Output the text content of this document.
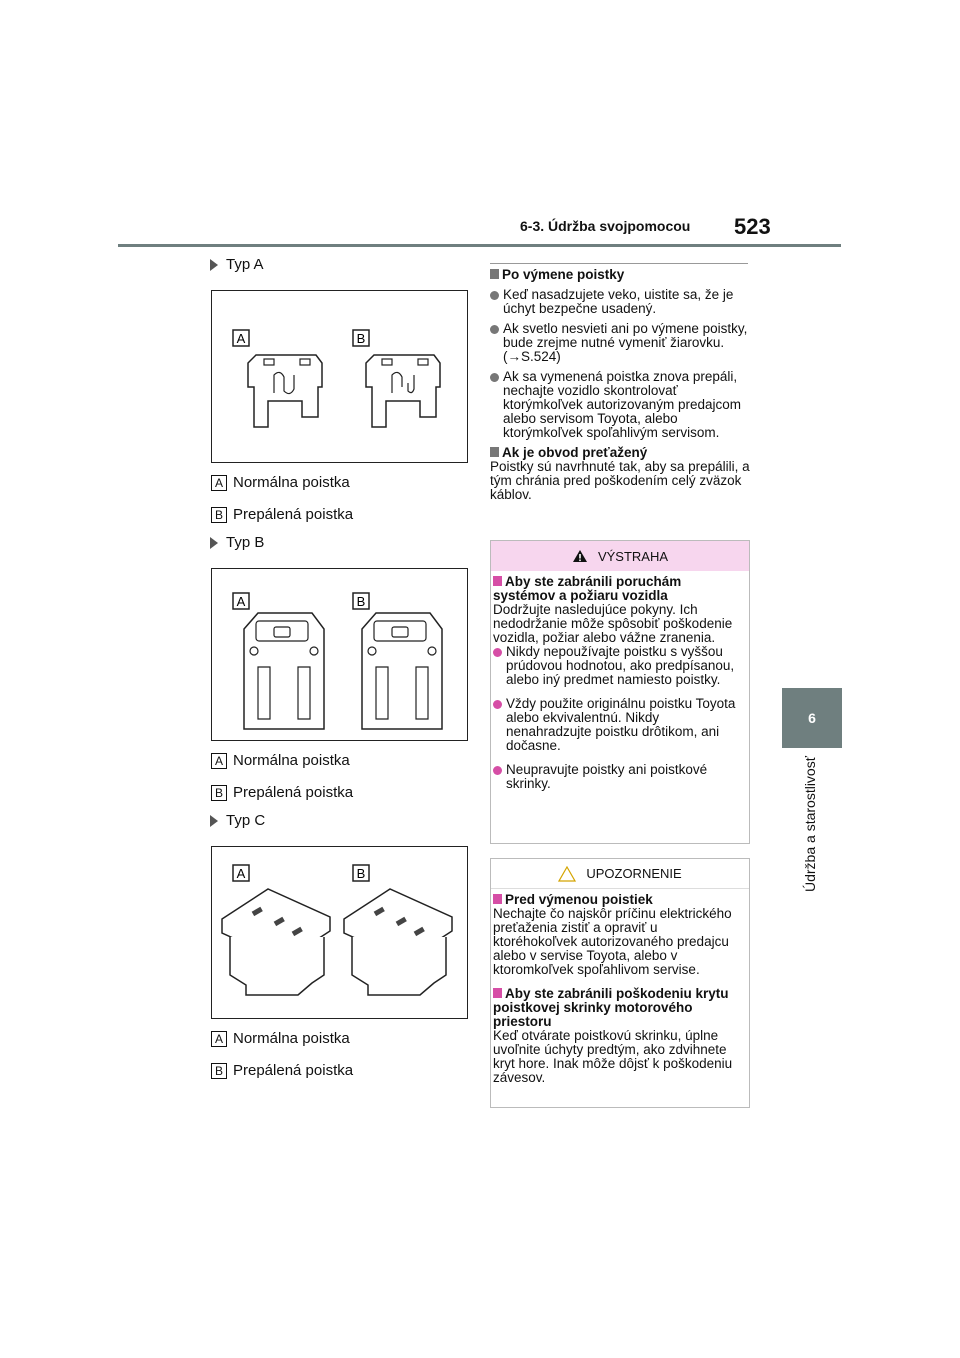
6-3. Údržba svojpomocou 523
6
Údržba a starostlivosť
Typ A
A	B
A Normálna poistka
B Prepálená poistka
Typ B
A	B
A Normálna poistka
B Prepálená poistka
Typ C
A	B
A Normálna poistka
B Prepálená poistka
Po výmene poistky
Keď nasadzujete veko, uistite sa, že je úchyt bezpečne usadený.
Ak svetlo nesvieti ani po výmene poistky, bude zrejme nutné vymeniť žiarovku. (→S.524)
Ak sa vymenená poistka znova prepáli, nechajte vozidlo skontrolovať ktorýmkoľvek autorizovaným predajcom alebo servisom Toyota, alebo ktorýmkoľvek spoľahlivým servisom.
Ak je obvod preťažený
Poistky sú navrhnuté tak, aby sa prepálili, a tým chránia pred poškodením celý zväzok káblov.
VÝSTRAHA
Aby ste zabránili poruchám systémov a požiaru vozidla
Dodržujte nasledujúce pokyny. Ich nedodržanie môže spôsobiť poškodenie vozidla, požiar alebo vážne zranenia.
Nikdy nepoužívajte poistku s vyššou prúdovou hodnotou, ako predpísanou, alebo iný predmet namiesto poistky.
Vždy použite originálnu poistku Toyota alebo ekvivalentnú. Nikdy nenahradzujte poistku drôtikom, ani dočasne.
Neupravujte poistky ani poistkové skrinky.
UPOZORNENIE
Pred výmenou poistiek
Nechajte čo najskôr príčinu elektrického preťaženia zistiť a opraviť u ktoréhokoľvek autorizovaného predajcu alebo v servise Toyota, alebo v ktoromkoľvek spoľahlivom servise.
Aby ste zabránili poškodeniu krytu poistkovej skrinky motorového priestoru
Keď otvárate poistkovú skrinku, úplne uvoľnite úchyty predtým, ako zdvihnete kryt hore. Inak môže dôjsť k poškodeniu závesov.
